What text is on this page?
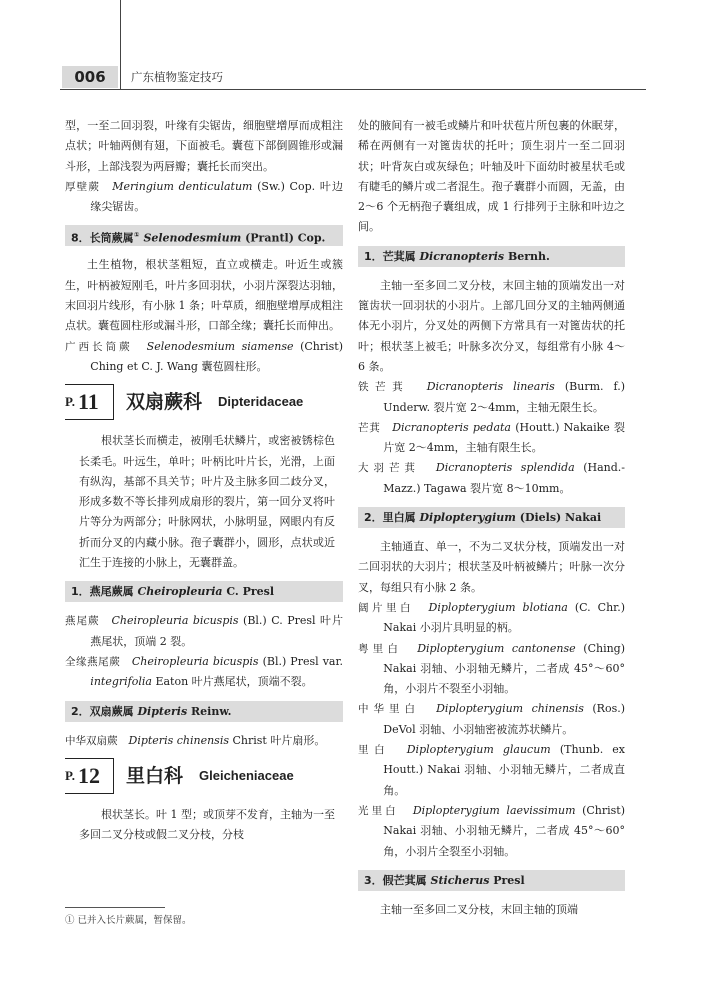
006	广东植物鉴定技巧

型，一至二回羽裂，叶缘有尖锯齿，细胞壁增厚而成粗注点状；叶轴两侧有翅，下面被毛。囊苞下部倒圆锥形或漏斗形，上部浅裂为两唇瓣；囊托长而突出。

厚壁蕨　 Meringium denticulatum (Sw.) Cop. 叶边缘尖锯齿。

8．长筒蕨属① Selenodesmium (Prantl) Cop.

土生植物，根状茎粗短，直立或横走。叶近生或簇生，叶柄被短刚毛，叶片多回羽状，小羽片深裂达羽轴，末回羽片线形，有小脉 1 条；叶草质，细胞壁增厚成粗注点状。囊苞圆柱形或漏斗形，口部全缘；囊托长而伸出。

广西长筒蕨　 Selenodesmium siamense (Christ) Ching et C. J. Wang 囊苞圆柱形。

P. 11 双扇蕨科 Dipteridaceae

根状茎长而横走，被刚毛状鳞片，或密被锈棕色长柔毛。叶远生，单叶；叶柄比叶片长，光滑，上面有纵沟，基部不具关节；叶片及主脉多回二歧分叉，形成多数不等长排列成扇形的裂片，第一回分叉将叶片等分为两部分；叶脉网状，小脉明显，网眼内有反折而分叉的内藏小脉。孢子囊群小，圆形，点状或近汇生于连接的小脉上，无囊群盖。

1．燕尾蕨属 Cheiropleuria C. Presl

燕尾蕨　 Cheiropleuria bicuspis (Bl.) C. Presl 叶片燕尾状，顶端 2 裂。

全缘燕尾蕨　 Cheiropleuria bicuspis (Bl.) Presl var. integrifolia Eaton 叶片燕尾状，顶端不裂。

2．双扇蕨属 Dipteris Reinw.

中华双扇蕨　 Dipteris chinensis Christ 叶片扇形。

P. 12 里白科 Gleicheniaceae

根状茎长。叶 1 型；或顶芽不发育，主轴为一至多回二叉分枝或假二叉分枝，分枝

处的腋间有一被毛或鳞片和叶状苞片所包裹的休眠芽，稀在两侧有一对篦齿状的托叶；顶生羽片一至二回羽状；叶背灰白或灰绿色；叶轴及叶下面幼时被星状毛或有睫毛的鳞片或二者混生。孢子囊群小而圆，无盖，由 2～6 个无柄孢子囊组成，成 1 行排列于主脉和叶边之间。

1．芒萁属 Dicranopteris Bernh.

主轴一至多回二叉分枝，末回主轴的顶端发出一对篦齿状一回羽状的小羽片。上部几回分叉的主轴两侧通体无小羽片，分叉处的两侧下方常具有一对篦齿状的托叶；根状茎上被毛；叶脉多次分叉，每组常有小脉 4～6 条。

铁芒萁　 Dicranopteris linearis (Burm. f.) Underw. 裂片宽 2～4mm，主轴无限生长。

芒萁　 Dicranopteris pedata (Houtt.) Nakaike 裂片宽 2～4mm，主轴有限生长。

大羽芒萁　 Dicranopteris splendida (Hand.-Mazz.) Tagawa 裂片宽 8～10mm。

2．里白属 Diplopterygium (Diels) Nakai

主轴通直、单一，不为二叉状分枝，顶端发出一对二回羽状的大羽片；根状茎及叶柄被鳞片；叶脉一次分叉，每组只有小脉 2 条。

阔片里白　 Diplopterygium blotiana (C. Chr.) Nakai 小羽片具明显的柄。

粤里白　 Diplopterygium cantonense (Ching) Nakai 羽轴、小羽轴无鳞片，二者成 45°～60° 角，小羽片不裂至小羽轴。

中华里白　 Diplopterygium chinensis (Ros.) DeVol 羽轴、小羽轴密被流苏状鳞片。

里白　 Diplopterygium glaucum (Thunb. ex Houtt.) Nakai 羽轴、小羽轴无鳞片，二者成直角。

光里白　 Diplopterygium laevissimum (Christ) Nakai 羽轴、小羽轴无鳞片，二者成 45°～60° 角，小羽片全裂至小羽轴。

3．假芒萁属 Sticherus Presl

主轴一至多回二叉分枝，末回主轴的顶端

① 已并入长片蕨属，暂保留。
